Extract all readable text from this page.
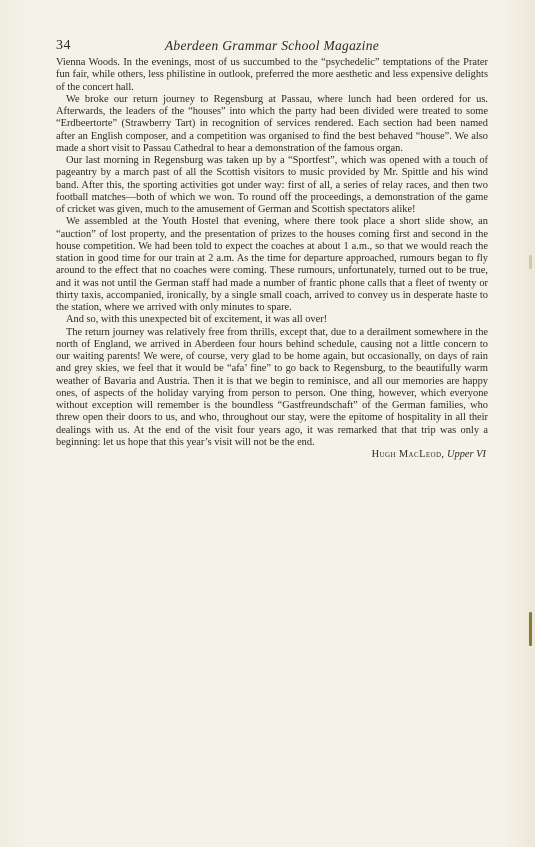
34	Aberdeen Grammar School Magazine

Vienna Woods. In the evenings, most of us succumbed to the “psychedelic” temptations of the Prater fun fair, while others, less philistine in outlook, preferred the more aesthetic and less expensive delights of the concert hall.

We broke our return journey to Regensburg at Passau, where lunch had been ordered for us. Afterwards, the leaders of the “houses” into which the party had been divided were treated to some “Erdbeertorte” (Strawberry Tart) in recognition of services rendered. Each section had been named after an English composer, and a competition was organised to find the best behaved “house”. We also made a short visit to Passau Cathedral to hear a demonstration of the famous organ.

Our last morning in Regensburg was taken up by a “Sportfest”, which was opened with a touch of pageantry by a march past of all the Scottish visitors to music provided by Mr. Spittle and his wind band. After this, the sporting activities got under way: first of all, a series of relay races, and then two football matches—both of which we won. To round off the proceedings, a demonstration of the game of cricket was given, much to the amusement of German and Scottish spectators alike!

We assembled at the Youth Hostel that evening, where there took place a short slide show, an “auction” of lost property, and the presentation of prizes to the houses coming first and second in the house competition. We had been told to expect the coaches at about 1 a.m., so that we would reach the station in good time for our train at 2 a.m. As the time for departure approached, rumours began to fly around to the effect that no coaches were coming. These rumours, unfortunately, turned out to be true, and it was not until the German staff had made a number of frantic phone calls that a fleet of twenty or thirty taxis, accompanied, ironically, by a single small coach, arrived to convey us in desperate haste to the station, where we arrived with only minutes to spare.

And so, with this unexpected bit of excitement, it was all over!

The return journey was relatively free from thrills, except that, due to a derailment somewhere in the north of England, we arrived in Aberdeen four hours behind schedule, causing not a little concern to our waiting parents! We were, of course, very glad to be home again, but occasionally, on days of rain and grey skies, we feel that it would be “afa’ fine” to go back to Regensburg, to the beautifully warm weather of Bavaria and Austria. Then it is that we begin to reminisce, and all our memories are happy ones, of aspects of the holiday varying from person to person. One thing, however, which everyone without exception will remember is the boundless “Gastfreundschaft” of the German families, who threw open their doors to us, and who, throughout our stay, were the epitome of hospitality in all their dealings with us. At the end of the visit four years ago, it was remarked that that trip was only a beginning: let us hope that this year’s visit will not be the end.

Hugh MacLeod, Upper VI
